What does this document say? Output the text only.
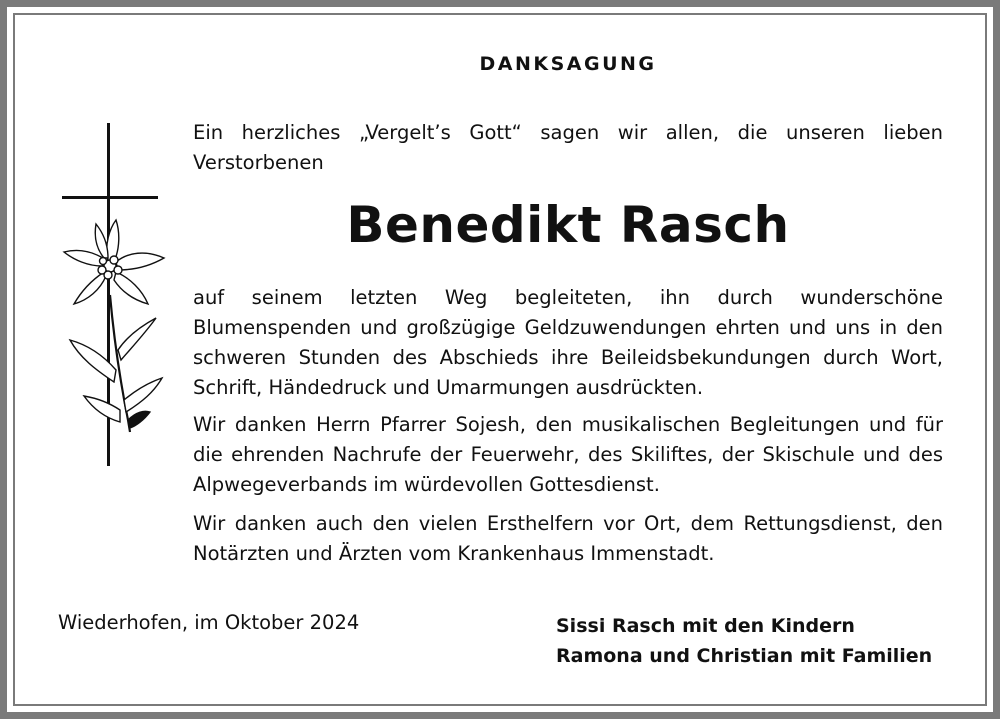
DANKSAGUNG

Ein herzliches „Vergelt’s Gott“ sagen wir allen, die unseren lieben Verstorbenen

Benedikt Rasch

auf seinem letzten Weg begleiteten, ihn durch wunderschöne Blumenspenden und großzügige Geldzuwendungen ehrten und uns in den schweren Stunden des Abschieds ihre Beileidsbekundungen durch Wort, Schrift, Händedruck und Umarmungen ausdrückten.

Wir danken Herrn Pfarrer Sojesh, den musikalischen Begleitungen und für die ehrenden Nachrufe der Feuerwehr, des Skiliftes, der Skischule und des Alpwegeverbands im würdevollen Gottesdienst.

Wir danken auch den vielen Ersthelfern vor Ort, dem Rettungsdienst, den Notärzten und Ärzten vom Krankenhaus Immenstadt.

Wiederhofen, im Oktober 2024	Sissi Rasch mit den Kindern
Ramona und Christian mit Familien
